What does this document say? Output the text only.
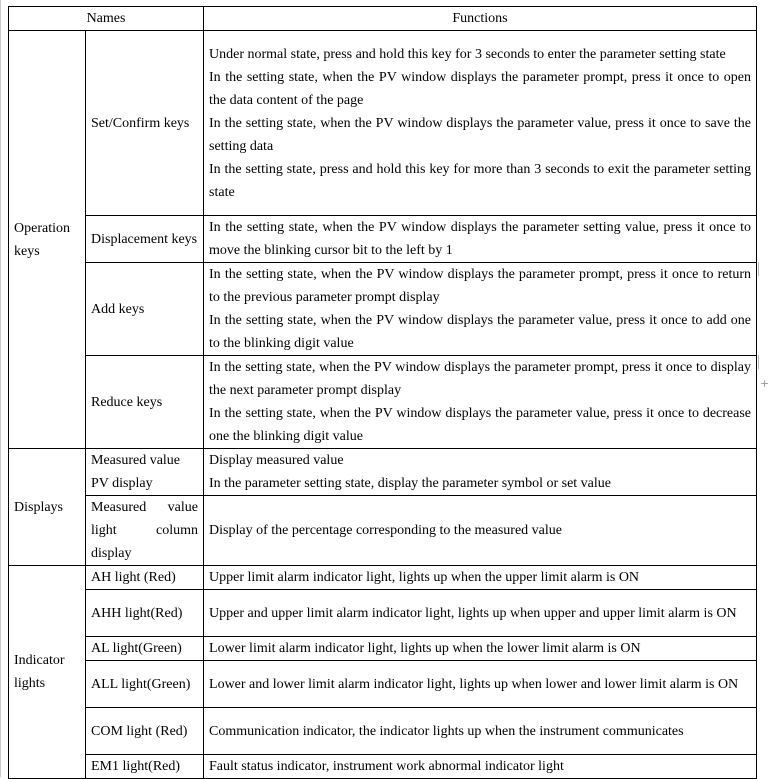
Names		Functions
Operation keys	Set/Confirm keys	Under normal state, press and hold this key for 3 seconds to enter the parameter setting state
In the setting state, when the PV window displays the parameter prompt, press it once to open the data content of the page
In the setting state, when the PV window displays the parameter value, press it once to save the setting data
In the setting state, press and hold this key for more than 3 seconds to exit the parameter setting state

	Displacement keys	In the setting state, when the PV window displays the parameter setting value, press it once to move the blinking cursor bit to the left by 1

	Add keys	In the setting state, when the PV window displays the parameter prompt, press it once to return to the previous parameter prompt display
In the setting state, when the PV window displays the parameter value, press it once to add one to the blinking digit value

	Reduce keys	In the setting state, when the PV window displays the parameter prompt, press it once to display the next parameter prompt display
In the setting state, when the PV window displays the parameter value, press it once to decrease one the blinking digit value

Displays	Measured value PV display	Display measured value
In the parameter setting state, display the parameter symbol or set value

	Measured value light column display	Display of the percentage corresponding to the measured value

Indicator lights	AH light (Red)	Upper limit alarm indicator light, lights up when the upper limit alarm is ON

	AHH light(Red)	Upper and upper limit alarm indicator light, lights up when upper and upper limit alarm is ON

	AL light(Green)	Lower limit alarm indicator light, lights up when the lower limit alarm is ON

	ALL light(Green)	Lower and lower limit alarm indicator light, lights up when lower and lower limit alarm is ON

	COM light (Red)	Communication indicator, the indicator lights up when the instrument communicates

	EM1 light(Red)	Fault status indicator, instrument work abnormal indicator light
+
